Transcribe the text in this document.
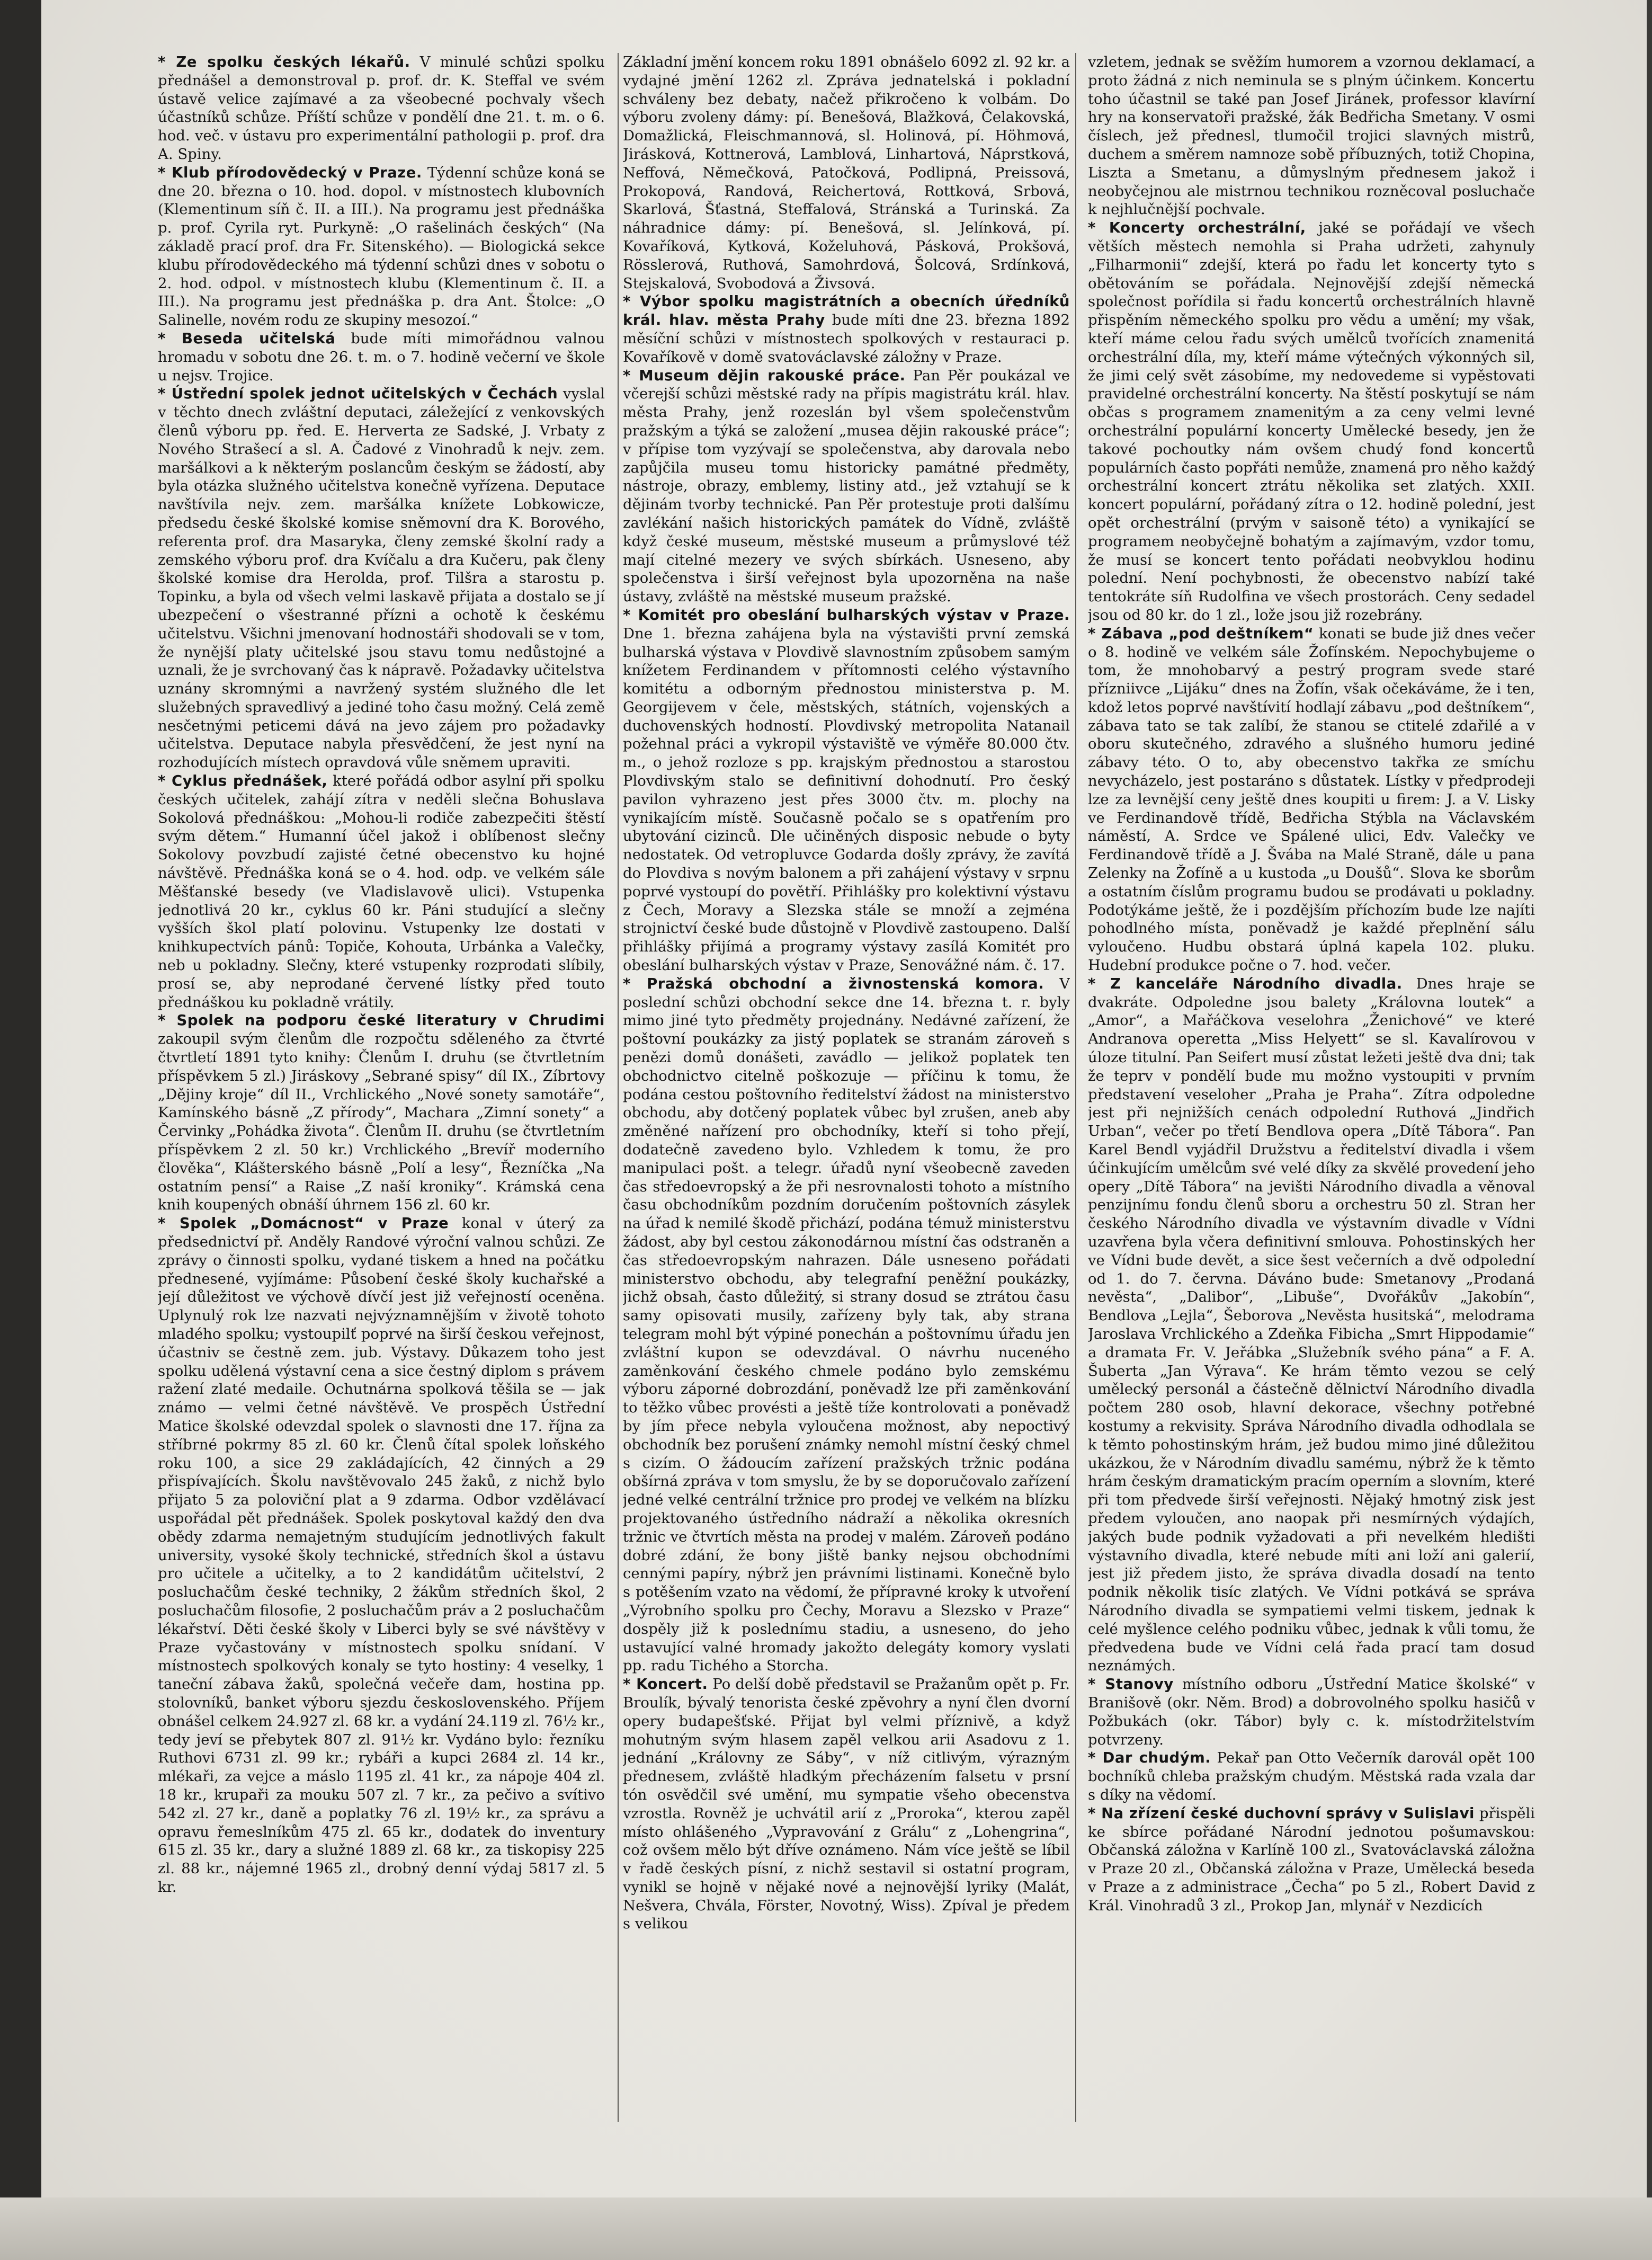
* Ze spolku českých lékařů. V minulé schůzi spolku přednášel a demonstroval p. prof. dr. K. Steffal ve svém ústavě velice zajímavé a za všeobecné pochvaly všech účastníků schůze. Příští schůze v pondělí dne 21. t. m. o 6. hod. več. v ústavu pro experimentální pathologii p. prof. dra A. Spiny.

* Klub přírodovědecký v Praze. Týdenní schůze koná se dne 20. března o 10. hod. dopol. v místnostech klubovních (Klementinum síň č. II. a III.). Na programu jest přednáška p. prof. Cyrila ryt. Purkyně: „O rašelinách českých“ (Na základě prací prof. dra Fr. Sitenského). — Biologická sekce klubu přírodovědeckého má týdenní schůzi dnes v sobotu o 2. hod. odpol. v místnostech klubu (Klementinum č. II. a III.). Na programu jest přednáška p. dra Ant. Štolce: „O Salinelle, novém rodu ze skupiny mesozoí.“

* Beseda učitelská bude míti mimořádnou valnou hromadu v sobotu dne 26. t. m. o 7. hodině večerní ve škole u nejsv. Trojice.

* Ústřední spolek jednot učitelských v Čechách vyslal v těchto dnech zvláštní deputaci, záležející z venkovských členů výboru pp. řed. E. Herverta ze Sadské, J. Vrbaty z Nového Strašecí a sl. A. Čadové z Vinohradů k nejv. zem. maršálkovi a k některým poslancům českým se žádostí, aby byla otázka služného učitelstva konečně vyřízena. Deputace navštívila nejv. zem. maršálka knížete Lobkowicze, předsedu české školské komise sněmovní dra K. Borového, referenta prof. dra Masaryka, členy zemské školní rady a zemského výboru prof. dra Kvíčalu a dra Kučeru, pak členy školské komise dra Herolda, prof. Tilšra a starostu p. Topinku, a byla od všech velmi laskavě přijata a dostalo se jí ubezpečení o všestranné přízni a ochotě k českému učitelstvu. Všichni jmenovaní hodnostáři shodovali se v tom, že nynější platy učitelské jsou stavu tomu nedůstojné a uznali, že je svrchovaný čas k nápravě. Požadavky učitelstva uznány skromnými a navržený systém služného dle let služebných spravedlivý a jediné toho času možný. Celá země nesčetnými peticemi dává na jevo zájem pro požadavky učitelstva. Deputace nabyla přesvědčení, že jest nyní na rozhodujících místech opravdová vůle sněmem upraviti.

* Cyklus přednášek, které pořádá odbor asylní při spolku českých učitelek, zahájí zítra v neděli slečna Bohuslava Sokolová přednáškou: „Mohou-li rodiče zabezpečiti štěstí svým dětem.“ Humanní účel jakož i oblíbenost slečny Sokolovy povzbudí zajisté četné obecenstvo ku hojné návštěvě. Přednáška koná se o 4. hod. odp. ve velkém sále Měšťanské besedy (ve Vladislavově ulici). Vstupenka jednotlivá 20 kr., cyklus 60 kr. Páni studující a slečny vyšších škol platí polovinu. Vstupenky lze dostati v knihkupectvích pánů: Topiče, Kohouta, Urbánka a Valečky, neb u pokladny. Slečny, které vstupenky rozprodati slíbily, prosí se, aby neprodané červené lístky před touto přednáškou ku pokladně vrátily.

* Spolek na podporu české literatury v Chrudimi zakoupil svým členům dle rozpočtu sděleného za čtvrté čtvrtletí 1891 tyto knihy: Členům I. druhu (se čtvrtletním příspěvkem 5 zl.) Jiráskovy „Sebrané spisy“ díl IX., Zíbrtovy „Dějiny kroje“ díl II., Vrchlického „Nové sonety samotáře“, Kamínského básně „Z přírody“, Machara „Zimní sonety“ a Červinky „Pohádka života“. Členům II. druhu (se čtvrtletním příspěvkem 2 zl. 50 kr.) Vrchlického „Brevíř moderního člověka“, Klášterského básně „Polí a lesy“, Řezníčka „Na ostatním pensí“ a Raise „Z naší kroniky“. Krámská cena knih koupených obnáší úhrnem 156 zl. 60 kr.

* Spolek „Domácnost“ v Praze konal v úterý za předsednictví př. Anděly Randové výroční valnou schůzi. Ze zprávy o činnosti spolku, vydané tiskem a hned na počátku přednesené, vyjímáme: Působení české školy kuchařské a její důležitost ve výchově dívčí jest již veřejností oceněna. Uplynulý rok lze nazvati nejvýznamnějším v životě tohoto mladého spolku; vystoupilť poprvé na širší českou veřejnost, účastniv se čestně zem. jub. Výstavy. Důkazem toho jest spolku udělená výstavní cena a sice čestný diplom s právem ražení zlaté medaile. Ochutnárna spolková těšila se — jak známo — velmi četné návštěvě. Ve prospěch Ústřední Matice školské odevzdal spolek o slavnosti dne 17. října za stříbrné pokrmy 85 zl. 60 kr. Členů čítal spolek loňského roku 100, a sice 29 zakládajících, 42 činných a 29 přispívajících. Školu navštěvovalo 245 žaků, z nichž bylo přijato 5 za poloviční plat a 9 zdarma. Odbor vzdělávací uspořádal pět přednášek. Spolek poskytoval každý den dva obědy zdarma nemajetným studujícím jednotlivých fakult university, vysoké školy technické, středních škol a ústavu pro učitele a učitelky, a to 2 kandidátům učitelství, 2 posluchačům české techniky, 2 žákům středních škol, 2 posluchačům filosofie, 2 posluchačům práv a 2 posluchačům lékařství. Děti české školy v Liberci byly se své návštěvy v Praze vyčastovány v místnostech spolku snídaní. V místnostech spolkových konaly se tyto hostiny: 4 veselky, 1 taneční zábava žaků, společná večeře dam, hostina pp. stolovníků, banket výboru sjezdu československého. Příjem obnášel celkem 24.927 zl. 68 kr. a vydání 24.119 zl. 76½ kr., tedy jeví se přebytek 807 zl. 91½ kr. Vydáno bylo: řezníku Ruthovi 6731 zl. 99 kr.; rybáři a kupci 2684 zl. 14 kr., mlékaři, za vejce a máslo 1195 zl. 41 kr., za nápoje 404 zl. 18 kr., krupaři za mouku 507 zl. 7 kr., za pečivo a svítivo 542 zl. 27 kr., daně a poplatky 76 zl. 19½ kr., za správu a opravu řemeslníkům 475 zl. 65 kr., dodatek do inventury 615 zl. 35 kr., dary a služné 1889 zl. 68 kr., za tiskopisy 225 zl. 88 kr., nájemné 1965 zl., drobný denní výdaj 5817 zl. 5 kr.

Základní jmění koncem roku 1891 obnášelo 6092 zl. 92 kr. a vydajné jmění 1262 zl. Zpráva jednatelská i pokladní schváleny bez debaty, načež přikročeno k volbám. Do výboru zvoleny dámy: pí. Benešová, Blažková, Čelakovská, Domažlická, Fleischmannová, sl. Holinová, pí. Höhmová, Jirásková, Kottnerová, Lamblová, Linhartová, Náprstková, Neffová, Němečková, Patočková, Podlipná, Preissová, Prokopová, Randová, Reichertová, Rottková, Srbová, Skarlová, Šťastná, Steffalová, Stránská a Turinská. Za náhradnice dámy: pí. Benešová, sl. Jelínková, pí. Kovaříková, Kytková, Koželuhová, Pásková, Prokšová, Rösslerová, Ruthová, Samohrdová, Šolcová, Srdínková, Stejskalová, Svobodová a Živsová.

* Výbor spolku magistrátních a obecních úředníků král. hlav. města Prahy bude míti dne 23. března 1892 měsíční schůzi v místnostech spolkových v restauraci p. Kovaříkově v domě svatováclavské záložny v Praze.

* Museum dějin rakouské práce. Pan Pěr poukázal ve včerejší schůzi městské rady na přípis magistrátu král. hlav. města Prahy, jenž rozeslán byl všem společenstvům pražským a týká se založení „musea dějin rakouské práce“; v přípise tom vyzývají se společenstva, aby darovala nebo zapůjčila museu tomu historicky památné předměty, nástroje, obrazy, emblemy, listiny atd., jež vztahují se k dějinám tvorby technické. Pan Pěr protestuje proti dalšímu zavlékání našich historických památek do Vídně, zvláště když české museum, městské museum a průmyslové též mají citelné mezery ve svých sbírkách. Usneseno, aby společenstva i širší veřejnost byla upozorněna na naše ústavy, zvláště na městské museum pražské.

* Komitét pro obeslání bulharských výstav v Praze. Dne 1. března zahájena byla na výstavišti první zemská bulharská výstava v Plovdivě slavnostním způsobem samým knížetem Ferdinandem v přítomnosti celého výstavního komitétu a odborným přednostou ministerstva p. M. Georgijevem v čele, městských, státních, vojenských a duchovenských hodností. Plovdivský metropolita Natanail požehnal práci a vykropil výstaviště ve výměře 80.000 čtv. m., o jehož rozloze s pp. krajským přednostou a starostou Plovdivským stalo se definitivní dohodnutí. Pro český pavilon vyhrazeno jest přes 3000 čtv. m. plochy na vynikajícím místě. Současně počalo se s opatřením pro ubytování cizinců. Dle učiněných disposic nebude o byty nedostatek. Od vetropluvce Godarda došly zprávy, že zavítá do Plovdiva s novým balonem a při zahájení výstavy v srpnu poprvé vystoupí do povětří. Přihlášky pro kolektivní výstavu z Čech, Moravy a Slezska stále se množí a zejména strojnictví české bude důstojně v Plovdivě zastoupeno. Další přihlášky přijímá a programy výstavy zasílá Komitét pro obeslání bulharských výstav v Praze, Senovážné nám. č. 17.

* Pražská obchodní a živnostenská komora. V poslední schůzi obchodní sekce dne 14. března t. r. byly mimo jiné tyto předměty projednány. Nedávné zařízení, že poštovní poukázky za jistý poplatek se stranám zároveň s penězi domů donášeti, zavádlo — jelikož poplatek ten obchodnictvo citelně poškozuje — příčinu k tomu, že podána cestou poštovního ředitelství žádost na ministerstvo obchodu, aby dotčený poplatek vůbec byl zrušen, aneb aby změněné nařízení pro obchodníky, kteří si toho přejí, dodatečně zavedeno bylo. Vzhledem k tomu, že pro manipulaci pošt. a telegr. úřadů nyní všeobecně zaveden čas středoevropský a že při nesrovnalosti tohoto a místního času obchodníkům pozdním doručením poštovních zásylek na úřad k nemilé škodě přichází, podána témuž ministerstvu žádost, aby byl cestou zákonodárnou místní čas odstraněn a čas středoevropským nahrazen. Dále usneseno pořádati ministerstvo obchodu, aby telegrafní peněžní poukázky, jichž obsah, často důležitý, si strany dosud se ztrátou času samy opisovati musily, zařízeny byly tak, aby strana telegram mohl být výpiné ponechán a poštovnímu úřadu jen zvláštní kupon se odevzdával. O návrhu nuceného zaměnkování českého chmele podáno bylo zemskému výboru záporné dobrozdání, poněvadž lze při zaměnkování to těžko vůbec provésti a ještě tíže kontrolovati a poněvadž by jím přece nebyla vyloučena možnost, aby nepoctivý obchodník bez porušení známky nemohl místní český chmel s cizím. O žádoucím zařízení pražských tržnic podána obšírná zpráva v tom smyslu, že by se doporučovalo zařízení jedné velké centrální tržnice pro prodej ve velkém na blízku projektovaného ústředního nádraží a několika okresních tržnic ve čtvrtích města na prodej v malém. Zároveň podáno dobré zdání, že bony jiště banky nejsou obchodními cennými papíry, nýbrž jen právními listinami. Konečně bylo s potěšením vzato na vědomí, že přípravné kroky k utvoření „Výrobního spolku pro Čechy, Moravu a Slezsko v Praze“ dospěly již k poslednímu stadiu, a usneseno, do jeho ustavující valné hromady jakožto delegáty komory vyslati pp. radu Tichého a Storcha.

* Koncert. Po delší době představil se Pražanům opět p. Fr. Broulík, bývalý tenorista české zpěvohry a nyní člen dvorní opery budapešťské. Přijat byl velmi příznivě, a když mohutným svým hlasem zapěl velkou arii Asadovu z 1. jednání „Královny ze Sáby“, v níž citlivým, výrazným přednesem, zvláště hladkým přecházením falsetu v prsní tón osvědčil své umění, mu sympatie všeho obecenstva vzrostla. Rovněž je uchvátil arií z „Proroka“, kterou zapěl místo ohlášeného „Vypravování z Grálu“ z „Lohengrina“, což ovšem mělo být dříve oznámeno. Nám více ještě se líbil v řadě českých písní, z nichž sestavil si ostatní program, vynikl se hojně v nějaké nové a nejnovější lyriky (Malát, Nešvera, Chvála, Förster, Novotný, Wiss). Zpíval je předem s velikou

vzletem, jednak se svěžím humorem a vzornou deklamací, a proto žádná z nich neminula se s plným účinkem. Koncertu toho účastnil se také pan Josef Jiránek, professor klavírní hry na konservatoři pražské, žák Bedřicha Smetany. V osmi číslech, jež přednesl, tlumočil trojici slavných mistrů, duchem a směrem namnoze sobě příbuzných, totiž Chopina, Liszta a Smetanu, a důmyslným přednesem jakož i neobyčejnou ale mistrnou technikou rozněcoval posluchače k nejhlučnější pochvale.

* Koncerty orchestrální, jaké se pořádají ve všech větších městech nemohla si Praha udržeti, zahynuly „Filharmonii“ zdejší, která po řadu let koncerty tyto s obětováním se pořádala. Nejnovější zdejší německá společnost pořídila si řadu koncertů orchestrálních hlavně přispěním německého spolku pro vědu a umění; my však, kteří máme celou řadu svých umělců tvořících znamenitá orchestrální díla, my, kteří máme výtečných výkonných sil, že jimi celý svět zásobíme, my nedovedeme si vypěstovati pravidelné orchestrální koncerty. Na štěstí poskytují se nám občas s programem znamenitým a za ceny velmi levné orchestrální populární koncerty Umělecké besedy, jen že takové pochoutky nám ovšem chudý fond koncertů populárních často popřáti nemůže, znamená pro něho každý orchestrální koncert ztrátu několika set zlatých. XXII. koncert populární, pořádaný zítra o 12. hodině polední, jest opět orchestrální (prvým v saisoně této) a vynikající se programem neobyčejně bohatým a zajímavým, vzdor tomu, že musí se koncert tento pořádati neobvyklou hodinu polední. Není pochybnosti, že obecenstvo nabízí také tentokráte síň Rudolfina ve všech prostorách. Ceny sedadel jsou od 80 kr. do 1 zl., lože jsou již rozebrány.

* Zábava „pod deštníkem“ konati se bude již dnes večer o 8. hodině ve velkém sále Žofínském. Nepochybujeme o tom, že mnohobarvý a pestrý program svede staré přízniivce „Lijáku“ dnes na Žofín, však očekáváme, že i ten, kdož letos poprvé navštívití hodlají zábavu „pod deštníkem“, zábava tato se tak zalíbí, že stanou se ctitelé zdařilé a v oboru skutečného, zdravého a slušného humoru jediné zábavy této. O to, aby obecenstvo takřka ze smíchu nevycházelo, jest postaráno s důstatek. Lístky v předprodeji lze za levnější ceny ještě dnes koupiti u firem: J. a V. Lisky ve Ferdinandově třídě, Bedřicha Stýbla na Václavském náměstí, A. Srdce ve Spálené ulici, Edv. Valečky ve Ferdinandově třídě a J. Švába na Malé Straně, dále u pana Zelenky na Žofíně a u kustoda „u Doušů“. Slova ke sborům a ostatním číslům programu budou se prodávati u pokladny. Podotýkáme ještě, že i pozdějším příchozím bude lze najíti pohodlného místa, poněvadž je každé přeplnění sálu vyloučeno. Hudbu obstará úplná kapela 102. pluku. Hudební produkce počne o 7. hod. večer.

* Z kanceláře Národního divadla. Dnes hraje se dvakráte. Odpoledne jsou balety „Královna loutek“ a „Amor“, a Mařáčkova veselohra „Ženichové“ ve které Andranova operetta „Miss Helyett“ se sl. Kavalírovou v úloze titulní. Pan Seifert musí zůstat ležeti ještě dva dni; tak že teprv v pondělí bude mu možno vystoupiti v prvním představení veseloher „Praha je Praha“. Zítra odpoledne jest při nejnižších cenách odpolední Ruthová „Jindřich Urban“, večer po třetí Bendlova opera „Dítě Tábora“. Pan Karel Bendl vyjádřil Družstvu a ředitelství divadla i všem účinkujícím umělcům své velé díky za skvělé provedení jeho opery „Dítě Tábora“ na jevišti Národního divadla a věnoval penzijnímu fondu členů sboru a orchestru 50 zl. Stran her českého Národního divadla ve výstavním divadle v Vídni uzavřena byla včera definitivní smlouva. Pohostinských her ve Vídni bude devět, a sice šest večerních a dvě odpolední od 1. do 7. června. Dáváno bude: Smetanovy „Prodaná nevěsta“, „Dalibor“, „Libuše“, Dvořákův „Jakobín“, Bendlova „Lejla“, Šeborova „Nevěsta husitská“, melodrama Jaroslava Vrchlického a Zdeňka Fibicha „Smrt Hippodamie“ a dramata Fr. V. Jeřábka „Služebník svého pána“ a F. A. Šuberta „Jan Výrava“. Ke hrám těmto vezou se celý umělecký personál a částečně dělnictví Národního divadla počtem 280 osob, hlavní dekorace, všechny potřebné kostumy a rekvisity. Správa Národního divadla odhodlala se k těmto pohostinským hrám, jež budou mimo jiné důležitou ukázkou, že v Národním divadlu samému, nýbrž že k těmto hrám českým dramatickým pracím operním a slovním, které při tom předvede širší veřejnosti. Nějaký hmotný zisk jest předem vyloučen, ano naopak při nesmírných výdajích, jakých bude podnik vyžadovati a při nevelkém hledišti výstavního divadla, které nebude míti ani loží ani galerií, jest již předem jisto, že správa divadla dosadí na tento podnik několik tisíc zlatých. Ve Vídni potkává se správa Národního divadla se sympatiemi velmi tiskem, jednak k celé myšlence celého podniku vůbec, jednak k vůli tomu, že předvedena bude ve Vídni celá řada prací tam dosud neznámých.

* Stanovy místního odboru „Ústřední Matice školské“ v Branišově (okr. Něm. Brod) a dobrovolného spolku hasičů v Požbukách (okr. Tábor) byly c. k. místodržitelstvím potvrzeny.

* Dar chudým. Pekař pan Otto Večerník darovál opět 100 bochníků chleba pražským chudým. Městská rada vzala dar s díky na vědomí.

* Na zřízení české duchovní správy v Sulislavi přispěli ke sbírce pořádané Národní jednotou pošumavskou: Občanská záložna v Karlíně 100 zl., Svatováclavská záložna v Praze 20 zl., Občanská záložna v Praze, Umělecká beseda v Praze a z administrace „Čecha“ po 5 zl., Robert David z Král. Vinohradů 3 zl., Prokop Jan, mlynář v Nezdicích
